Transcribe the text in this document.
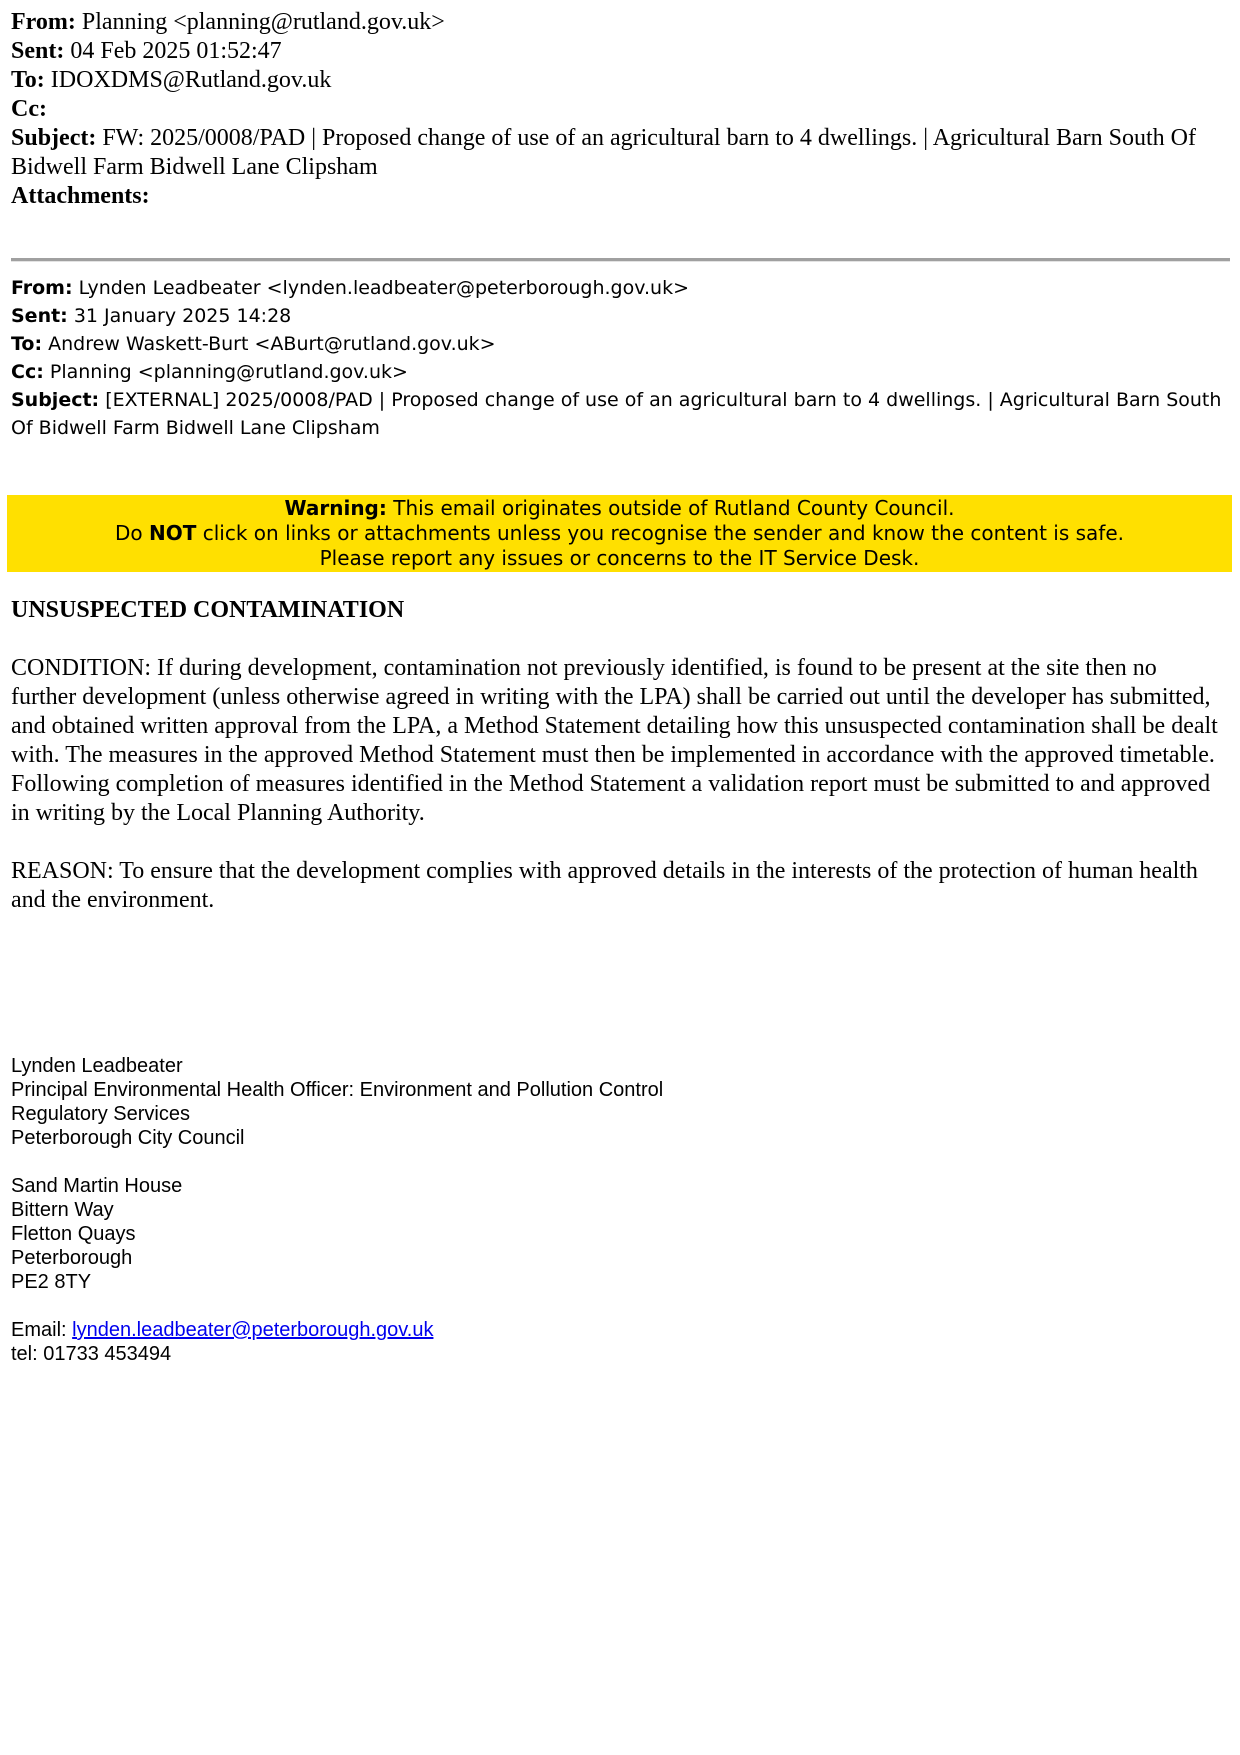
From: Planning <planning@rutland.gov.uk>
Sent: 04 Feb 2025 01:52:47
To: IDOXDMS@Rutland.gov.uk
Cc:
Subject: FW: 2025/0008/PAD | Proposed change of use of an agricultural barn to 4 dwellings. | Agricultural Barn South Of Bidwell Farm Bidwell Lane Clipsham
Attachments:
From: Lynden Leadbeater <lynden.leadbeater@peterborough.gov.uk>
Sent: 31 January 2025 14:28
To: Andrew Waskett-Burt <ABurt@rutland.gov.uk>
Cc: Planning <planning@rutland.gov.uk>
Subject: [EXTERNAL] 2025/0008/PAD | Proposed change of use of an agricultural barn to 4 dwellings. | Agricultural Barn South Of Bidwell Farm Bidwell Lane Clipsham
Warning: This email originates outside of Rutland County Council.
Do NOT click on links or attachments unless you recognise the sender and know the content is safe.
Please report any issues or concerns to the IT Service Desk.
UNSUSPECTED CONTAMINATION

CONDITION: If during development, contamination not previously identified, is found to be present at the site then no further development (unless otherwise agreed in writing with the LPA) shall be carried out until the developer has submitted, and obtained written approval from the LPA, a Method Statement detailing how this unsuspected contamination shall be dealt with. The measures in the approved Method Statement must then be implemented in accordance with the approved timetable. Following completion of measures identified in the Method Statement a validation report must be submitted to and approved in writing by the Local Planning Authority.

REASON: To ensure that the development complies with approved details in the interests of the protection of human health and the environment.

Lynden Leadbeater
Principal Environmental Health Officer: Environment and Pollution Control
Regulatory Services
Peterborough City Council
Sand Martin House
Bittern Way
Fletton Quays
Peterborough
PE2 8TY
Email: lynden.leadbeater@peterborough.gov.uk
tel: 01733 453494
